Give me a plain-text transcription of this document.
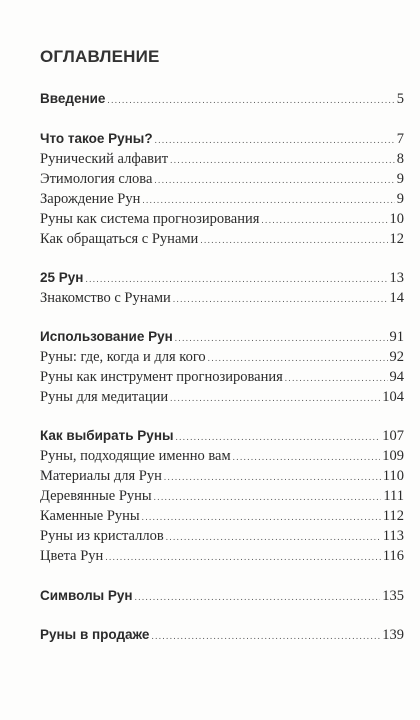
ОГЛАВЛЕНИЕ
Введение .....	5
Что такое Руны? .....	7
Рунический алфавит .....	8
Этимология слова .....	9
Зарождение Рун .....	9
Руны как система прогнозирования .....	10
Как обращаться с Рунами .....	12
25 Рун .....	13
Знакомство с Рунами .....	14
Использование Рун .....	91
Руны: где, когда и для кого .....	92
Руны как инструмент прогнозирования .....	94
Руны для медитации .....	104
Как выбирать Руны .....	107
Руны, подходящие именно вам .....	109
Материалы для Рун .....	110
Деревянные Руны .....	111
Каменные Руны .....	112
Руны из кристаллов .....	113
Цвета Рун .....	116
Символы Рун .....	135
Руны в продаже .....	139
